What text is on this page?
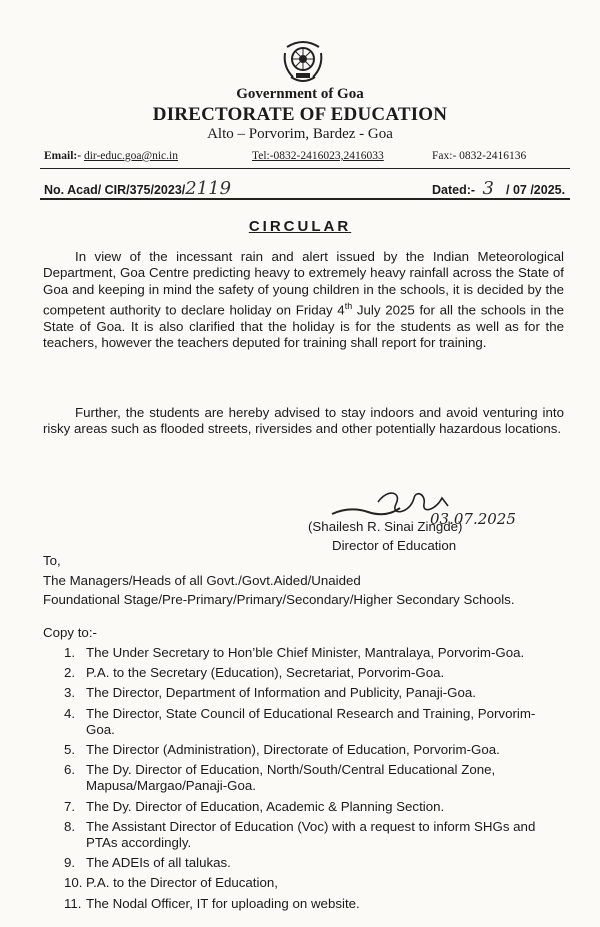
Government of Goa
DIRECTORATE OF EDUCATION
Alto – Porvorim, Bardez - Goa
Email:- dir-educ.goa@nic.in	Tel:-0832-2416023,2416033	Fax:- 0832-2416136
No. Acad/ CIR/375/2023/2119	Dated:- 3 / 07 /2025.
CIRCULAR
In view of the incessant rain and alert issued by the Indian Meteorological Department, Goa Centre predicting heavy to extremely heavy rainfall across the State of Goa and keeping in mind the safety of young children in the schools, it is decided by the competent authority to declare holiday on Friday 4th July 2025 for all the schools in the State of Goa. It is also clarified that the holiday is for the students as well as for the teachers, however the teachers deputed for training shall report for training.
Further, the students are hereby advised to stay indoors and avoid venturing into risky areas such as flooded streets, riversides and other potentially hazardous locations.
03.07.2025
(Shailesh R. Sinai Zingde)
Director of Education
To,
The Managers/Heads of all Govt./Govt.Aided/Unaided
Foundational Stage/Pre-Primary/Primary/Secondary/Higher Secondary Schools.
Copy to:-
1. The Under Secretary to Hon’ble Chief Minister, Mantralaya, Porvorim-Goa.
2. P.A. to the Secretary (Education), Secretariat, Porvorim-Goa.
3. The Director, Department of Information and Publicity, Panaji-Goa.
4. The Director, State Council of Educational Research and Training, Porvorim-Goa.
5. The Director (Administration), Directorate of Education, Porvorim-Goa.
6. The Dy. Director of Education, North/South/Central Educational Zone, Mapusa/Margao/Panaji-Goa.
7. The Dy. Director of Education, Academic & Planning Section.
8. The Assistant Director of Education (Voc) with a request to inform SHGs and PTAs accordingly.
9. The ADEIs of all talukas.
10. P.A. to the Director of Education,
11. The Nodal Officer, IT for uploading on website.
